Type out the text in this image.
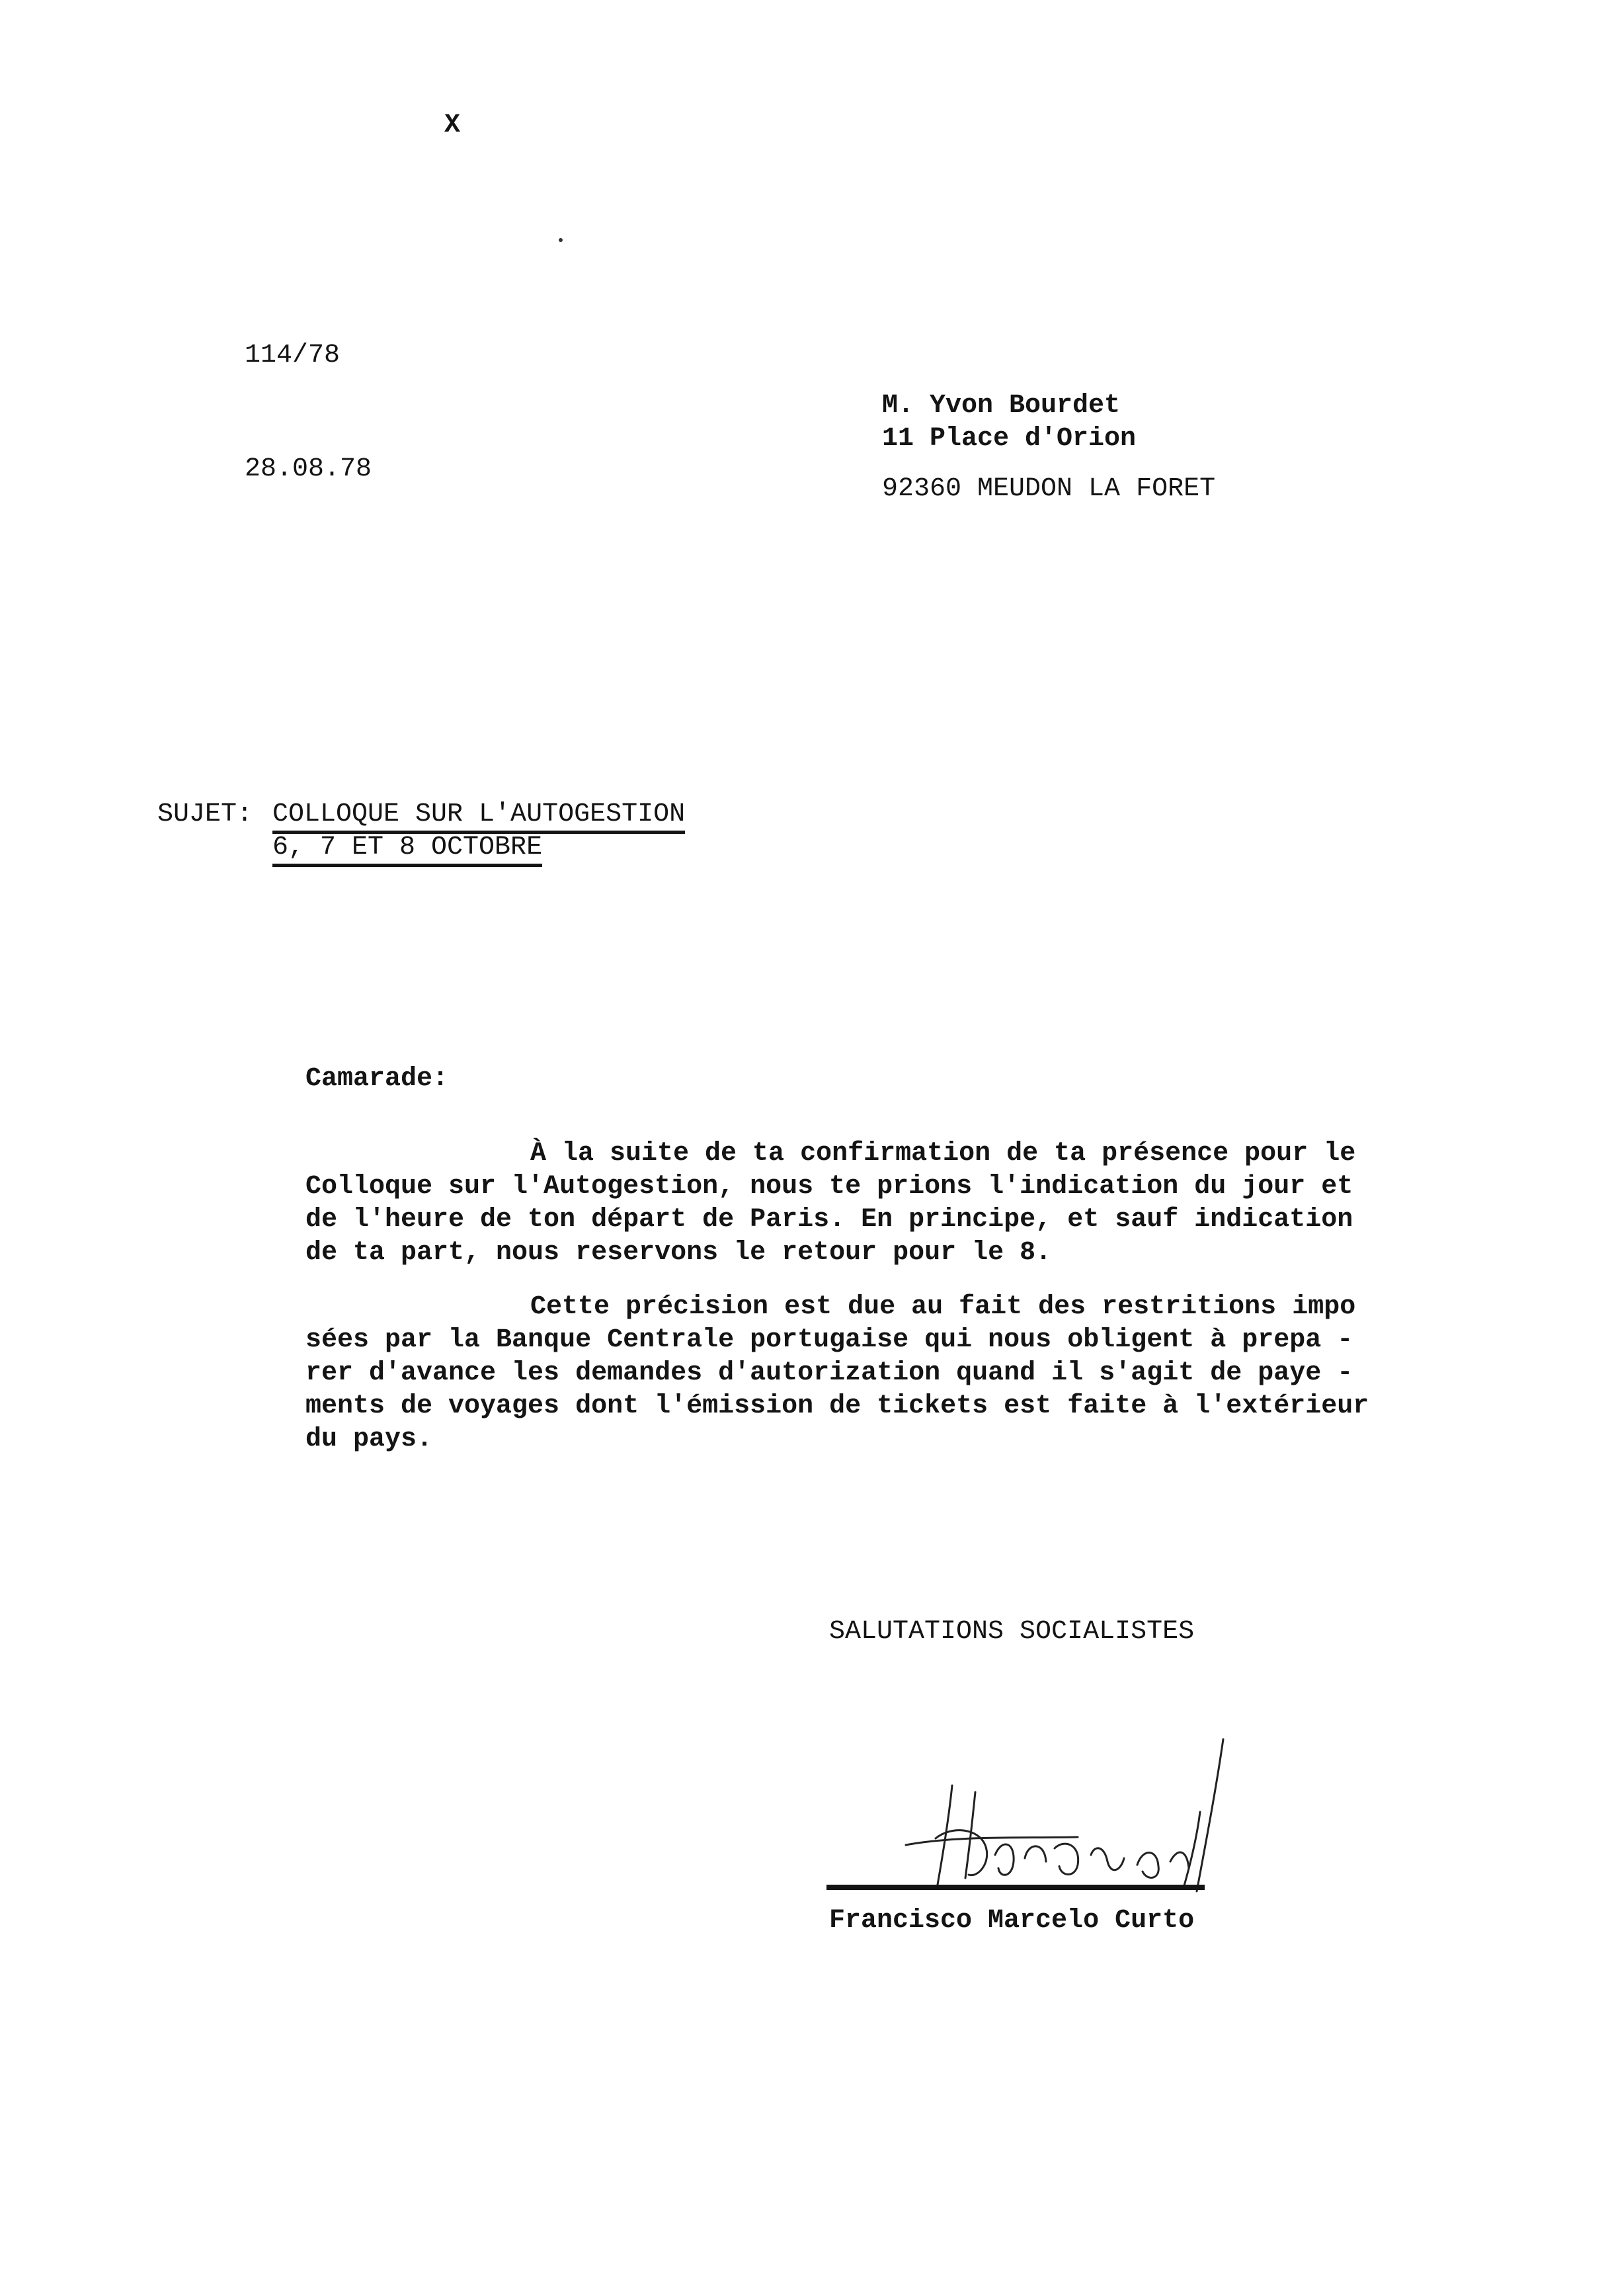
X
114/78
28.08.78
M. Yvon Bourdet
11 Place d'Orion
92360 MEUDON LA FORET
SUJET: COLLOQUE SUR L'AUTOGESTION
6, 7 ET 8 OCTOBRE
Camarade:
À la suite de ta confirmation de ta présence pour le
Colloque sur l'Autogestion, nous te prions l'indication du jour et
de l'heure de ton départ de Paris. En principe, et sauf indication
de ta part, nous reservons le retour pour le 8.
Cette précision est due au fait des restritions impo
sées par la Banque Centrale portugaise qui nous obligent à prepa -
rer d'avance les demandes d'autorization quand il s'agit de paye -
ments de voyages dont l'émission de tickets est faite à l'extérieur
du pays.
SALUTATIONS SOCIALISTES
Francisco Marcelo Curto
